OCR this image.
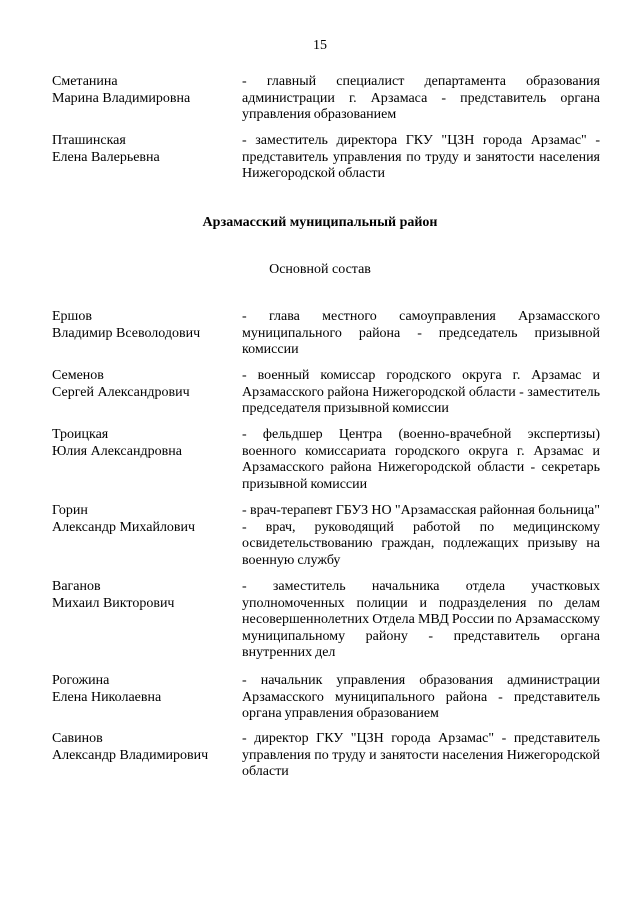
15
Сметанина
Марина Владимировна
- главный специалист департамента образования администрации г. Арзамаса - представитель органа управления образованием
Пташинская
Елена Валерьевна
- заместитель директора ГКУ "ЦЗН города Арзамас" - представитель управления по труду и занятости населения Нижегородской области
Арзамасский муниципальный район
Основной состав
Ершов
Владимир Всеволодович
- глава местного самоуправления Арзамасского муниципального района - председатель призывной комиссии
Семенов
Сергей Александрович
- военный комиссар городского округа г. Арзамас и Арзамасского района Нижегородской области - заместитель председателя призывной комиссии
Троицкая
Юлия Александровна
- фельдшер Центра (военно-врачебной экспертизы) военного комиссариата городского округа г. Арзамас и Арзамасского района Нижегородской области - секретарь призывной комиссии
Горин
Александр Михайлович
- врач-терапевт ГБУЗ НО "Арзамасская районная больница" - врач, руководящий работой по медицинскому освидетельствованию граждан, подлежащих призыву на военную службу
Ваганов
Михаил Викторович
- заместитель начальника отдела участковых уполномоченных полиции и подразделения по делам несовершеннолетних Отдела МВД России по Арзамасскому муниципальному району - представитель органа внутренних дел
Рогожина
Елена Николаевна
- начальник управления образования администрации Арзамасского муниципального района - представитель органа управления образованием
Савинов
Александр Владимирович
- директор ГКУ "ЦЗН города Арзамас" - представитель управления по труду и занятости населения Нижегородской области
